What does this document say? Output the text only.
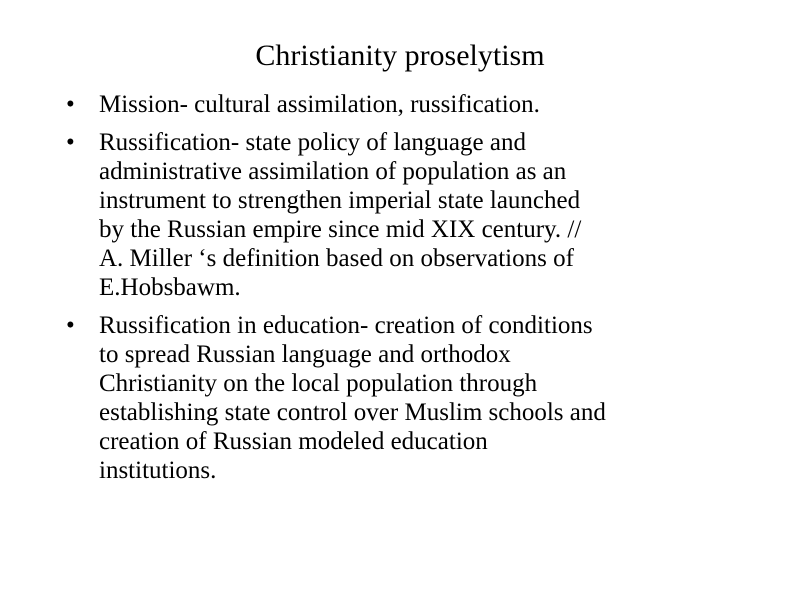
Christianity proselytism
• Mission- cultural assimilation, russification.
• Russification- state policy of language and
administrative assimilation of population as an
instrument to strengthen imperial state launched
by the Russian empire since mid XIX century. //
A. Miller ‘s definition based on observations of
E.Hobsbawm.
• Russification in education- creation of conditions
to spread Russian language and orthodox
Christianity on the local population through
establishing state control over Muslim schools and
creation of Russian modeled education
institutions.
